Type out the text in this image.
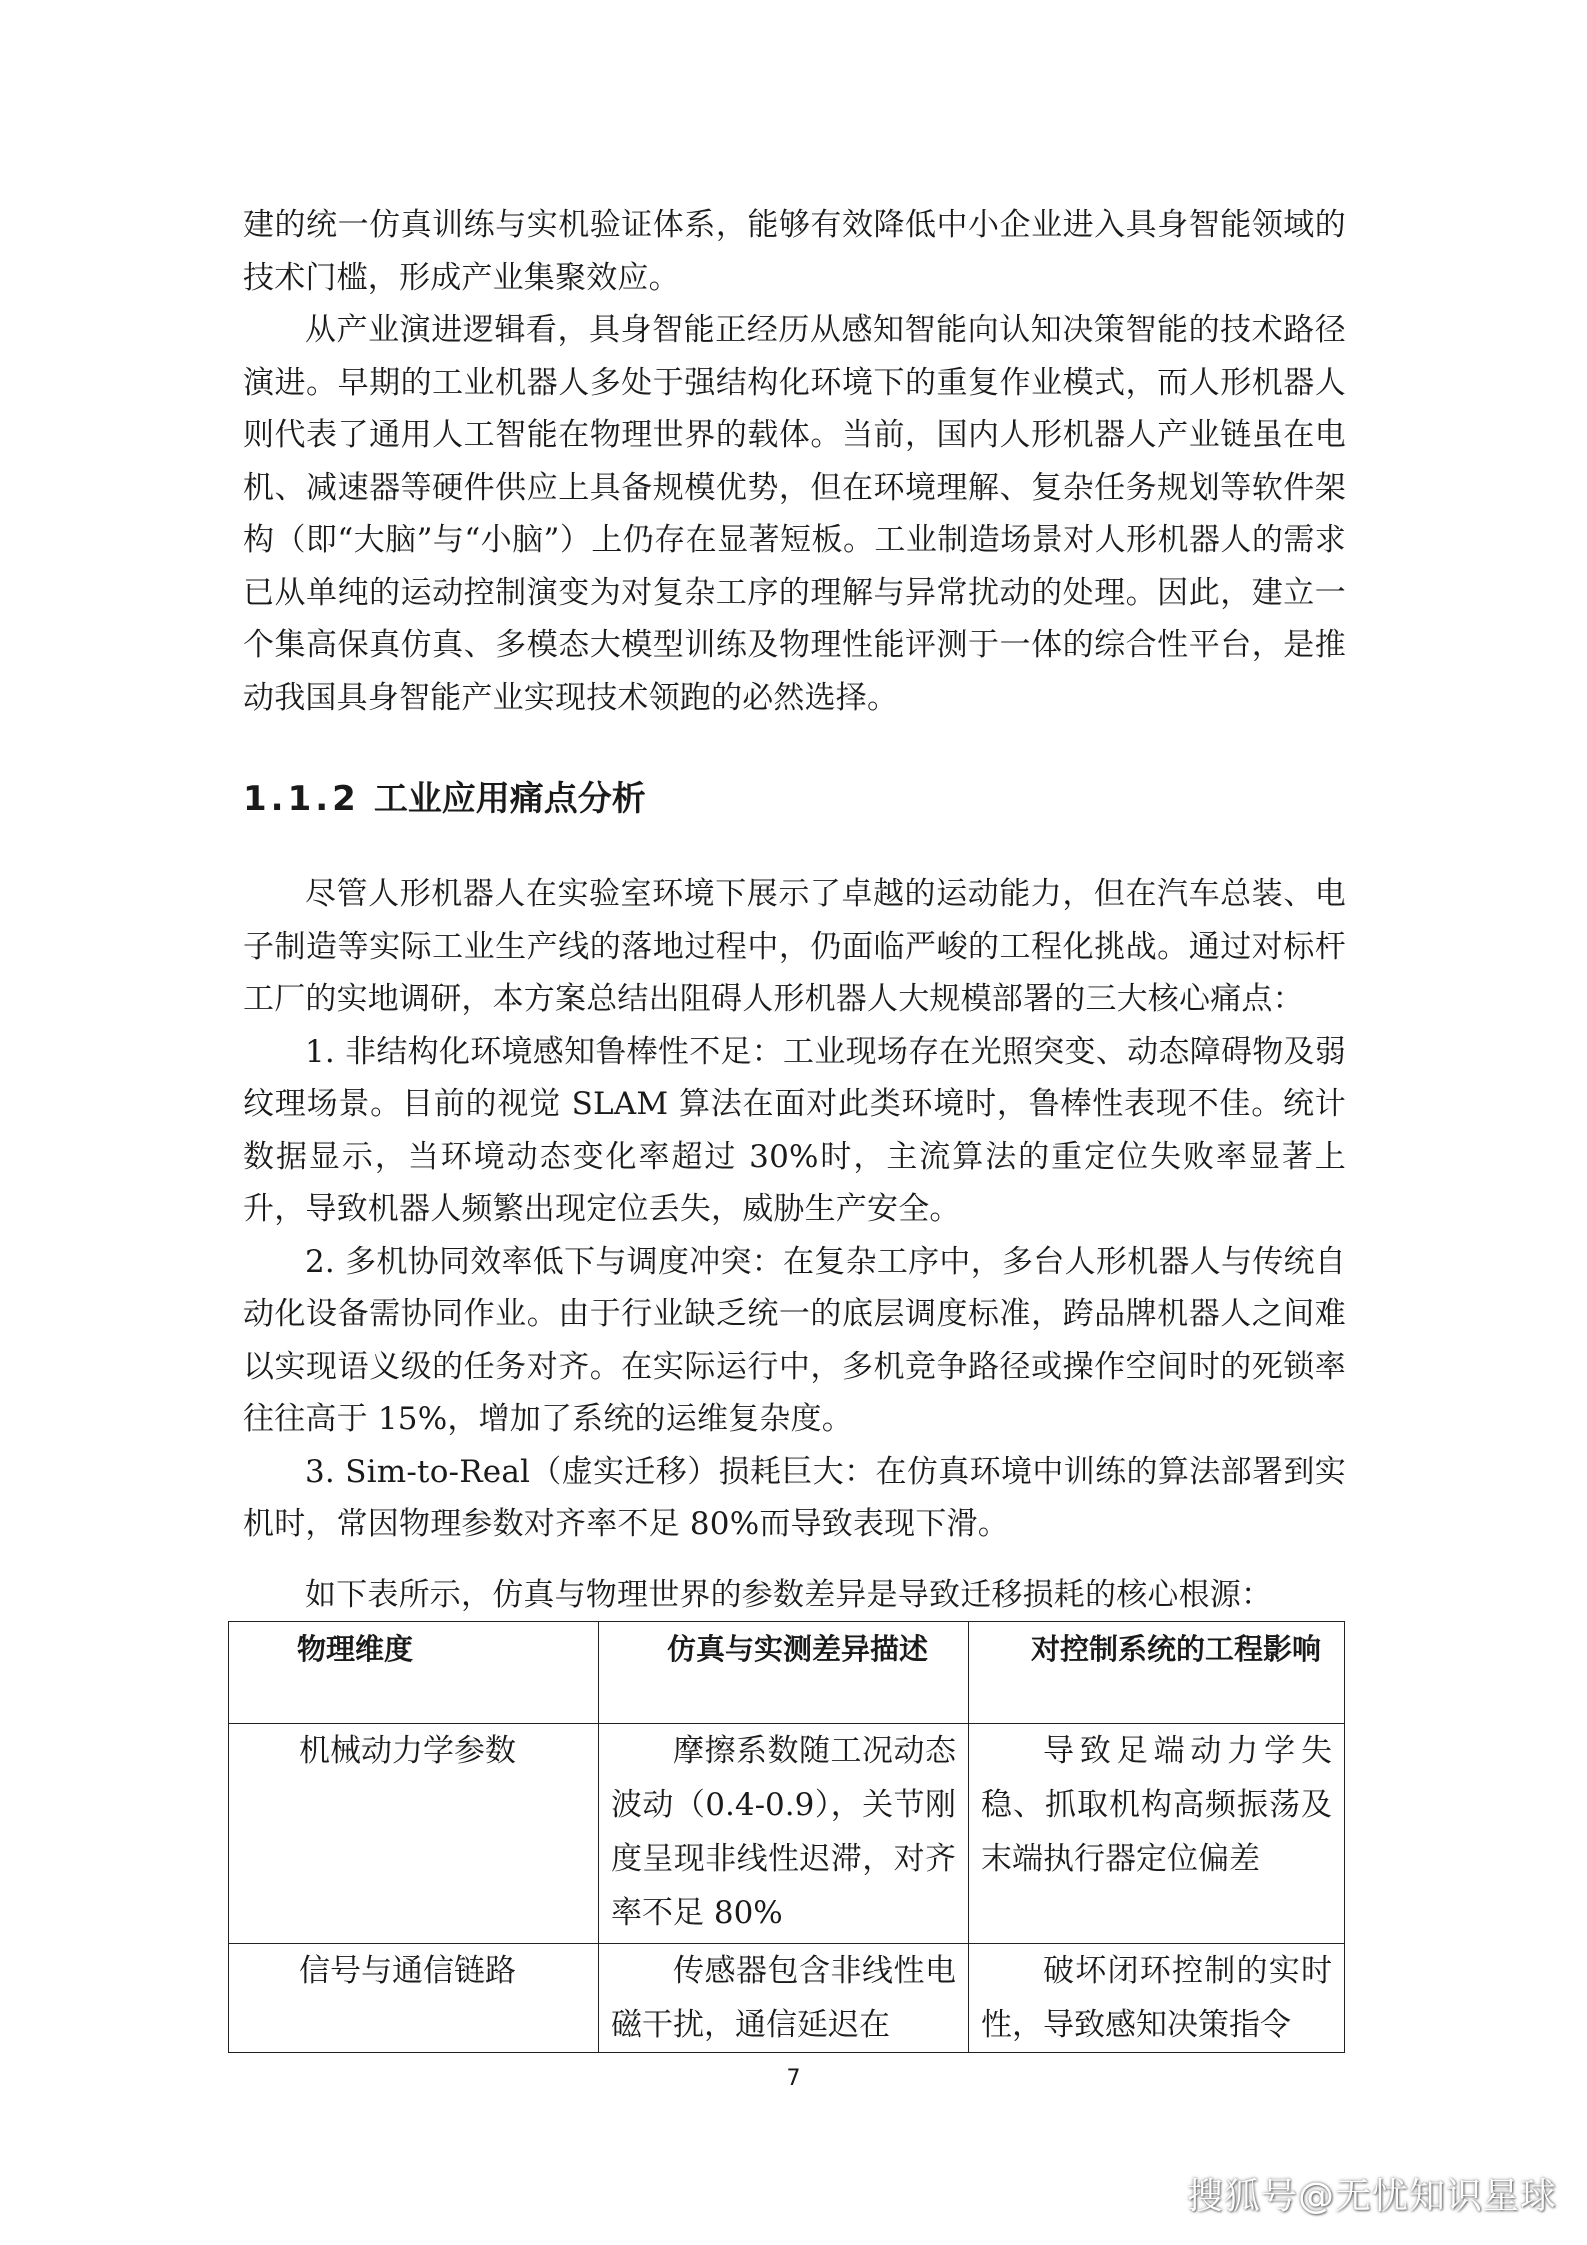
建的统一仿真训练与实机验证体系，能够有效降低中小企业进入具身智能领域的技术门槛，形成产业集聚效应。

从产业演进逻辑看，具身智能正经历从感知智能向认知决策智能的技术路径演进。早期的工业机器人多处于强结构化环境下的重复作业模式，而人形机器人则代表了通用人工智能在物理世界的载体。当前，国内人形机器人产业链虽在电机、减速器等硬件供应上具备规模优势，但在环境理解、复杂任务规划等软件架构（即“大脑”与“小脑”）上仍存在显著短板。工业制造场景对人形机器人的需求已从单纯的运动控制演变为对复杂工序的理解与异常扰动的处理。因此，建立一个集高保真仿真、多模态大模型训练及物理性能评测于一体的综合性平台，是推动我国具身智能产业实现技术领跑的必然选择。

1.1.2 工业应用痛点分析

尽管人形机器人在实验室环境下展示了卓越的运动能力，但在汽车总装、电子制造等实际工业生产线的落地过程中，仍面临严峻的工程化挑战。通过对标杆工厂的实地调研，本方案总结出阻碍人形机器人大规模部署的三大核心痛点：

1. 非结构化环境感知鲁棒性不足：工业现场存在光照突变、动态障碍物及弱纹理场景。目前的视觉 SLAM 算法在面对此类环境时，鲁棒性表现不佳。统计数据显示，当环境动态变化率超过 30%时，主流算法的重定位失败率显著上升，导致机器人频繁出现定位丢失，威胁生产安全。

2. 多机协同效率低下与调度冲突：在复杂工序中，多台人形机器人与传统自动化设备需协同作业。由于行业缺乏统一的底层调度标准，跨品牌机器人之间难以实现语义级的任务对齐。在实际运行中，多机竞争路径或操作空间时的死锁率往往高于 15%，增加了系统的运维复杂度。

3. Sim-to-Real（虚实迁移）损耗巨大：在仿真环境中训练的算法部署到实机时，常因物理参数对齐率不足 80%而导致表现下滑。

如下表所示，仿真与物理世界的参数差异是导致迁移损耗的核心根源：

物理维度	仿真与实测差异描述	对控制系统的工程影响
机械动力学参数	摩擦系数随工况动态波动（0.4-0.9），关节刚度呈现非线性迟滞，对齐率不足 80%	导致足端动力学失稳、抓取机构高频振荡及末端执行器定位偏差
信号与通信链路	传感器包含非线性电磁干扰，通信延迟在	破坏闭环控制的实时性，导致感知决策指令
7
搜狐号@无忧知识星球
